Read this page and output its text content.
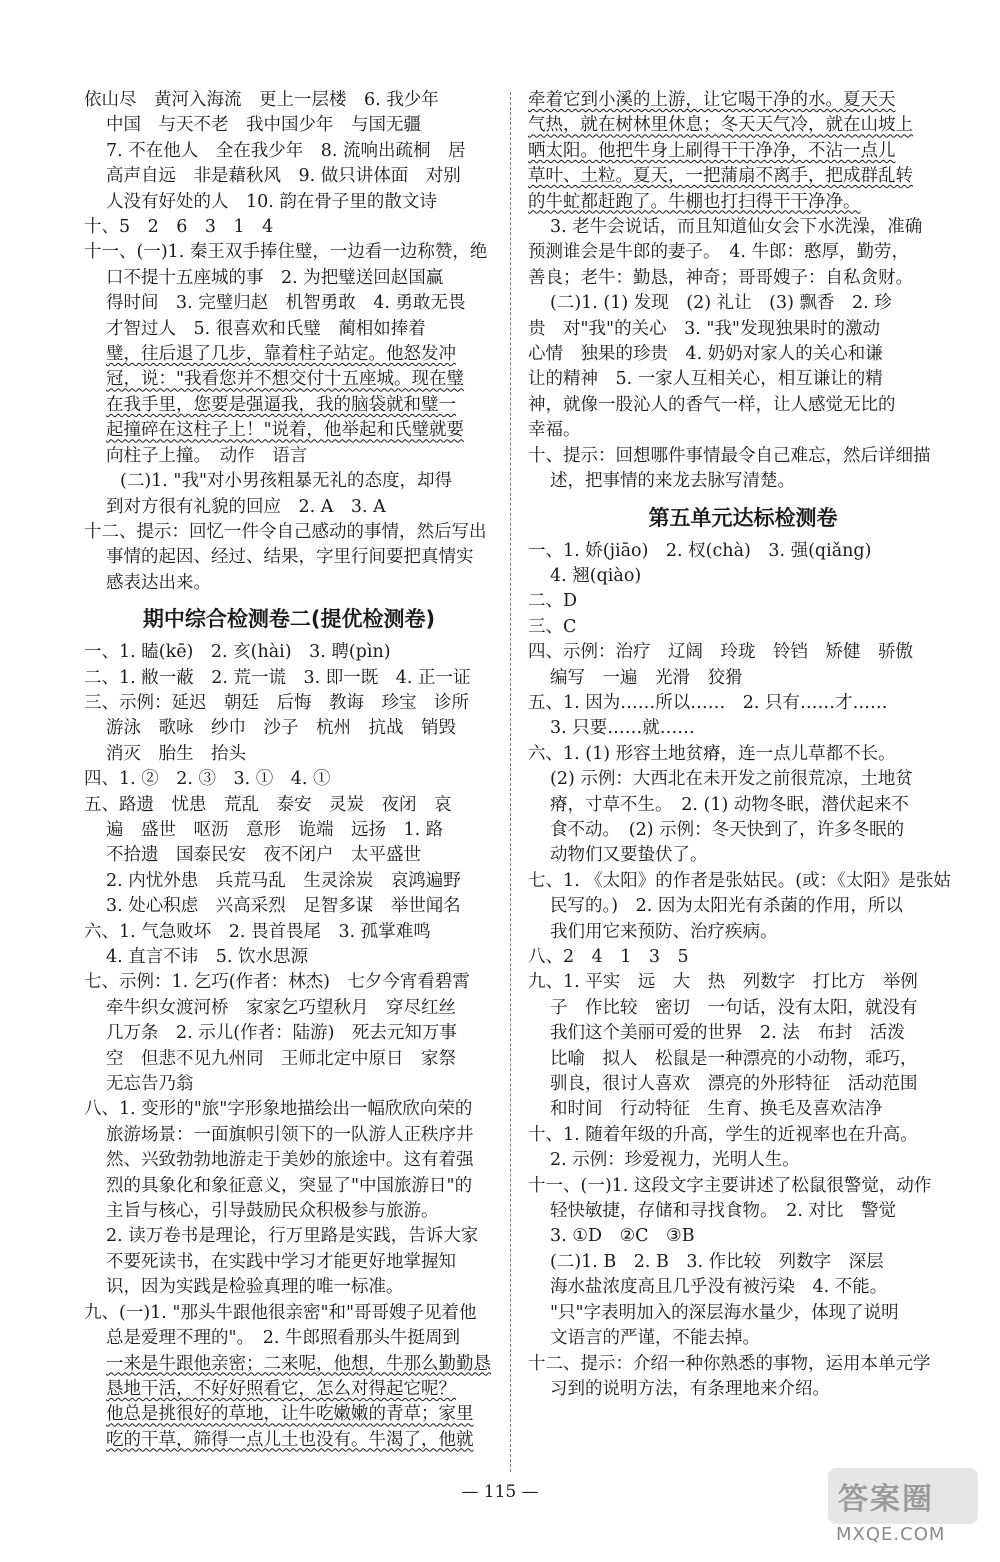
依山尽　黄河入海流　更上一层楼　6. 我少年
中国　与天不老　我中国少年　与国无疆
7. 不在他人　全在我少年　8. 流响出疏桐　居
高声自远　非是藉秋风　9. 做只讲体面　对别
人没有好处的人　10. 韵在骨子里的散文诗
十、5　2　6　3　1　4
十一、(一)1. 秦王双手捧住璧，一边看一边称赞，绝
口不提十五座城的事　2. 为把璧送回赵国赢
得时间　3. 完璧归赵　机智勇敢　4. 勇敢无畏
才智过人　5. 很喜欢和氏璧　蔺相如捧着
璧，往后退了几步，靠着柱子站定。他怒发冲
冠，说："我看您并不想交付十五座城。现在璧
在我手里，您要是强逼我，我的脑袋就和璧一
起撞碎在这柱子上！"说着，他举起和氏璧就要
向柱子上撞。　动作　语言
(二)1. "我"对小男孩粗暴无礼的态度，却得
到对方很有礼貌的回应　2. A　3. A
十二、提示：回忆一件令自己感动的事情，然后写出
事情的起因、经过、结果，字里行间要把真情实
感表达出来。
期中综合检测卷二(提优检测卷)
一、1. 瞌(kē)　2. 亥(hài)　3. 聘(pìn)
二、1. 敝一蔽　2. 荒一谎　3. 即一既　4. 正一证
三、示例：延迟　朝廷　后悔　教诲　珍宝　诊所
游泳　歌咏　纱巾　沙子　杭州　抗战　销毁
消灭　胎生　抬头
四、1. ②　2. ③　3. ①　4. ①
五、路遗　忧患　荒乱　泰安　灵炭　夜闭　哀
遍　盛世　呕沥　意形　诡端　远扬　1. 路
不拾遗　国泰民安　夜不闭户　太平盛世
2. 内忧外患　兵荒马乱　生灵涂炭　哀鸿遍野
3. 处心积虑　兴高采烈　足智多谋　举世闻名
六、1. 气急败坏　2. 畏首畏尾　3. 孤掌难鸣
4. 直言不讳　5. 饮水思源
七、示例：1. 乞巧(作者：林杰)　七夕今宵看碧霄
牵牛织女渡河桥　家家乞巧望秋月　穿尽红丝
几万条　2. 示儿(作者：陆游)　死去元知万事
空　但悲不见九州同　王师北定中原日　家祭
无忘告乃翁
八、1. 变形的"旅"字形象地描绘出一幅欣欣向荣的
旅游场景：一面旗帜引领下的一队游人正秩序井
然、兴致勃勃地游走于美妙的旅途中。这有着强
烈的具象化和象征意义，突显了"中国旅游日"的
主旨与核心，引导鼓励民众积极参与旅游。
2. 读万卷书是理论，行万里路是实践，告诉大家
不要死读书，在实践中学习才能更好地掌握知
识，因为实践是检验真理的唯一标准。
九、(一)1. "那头牛跟他很亲密"和"哥哥嫂子见着他
总是爱理不理的"。　2. 牛郎照看那头牛挺周到
一来是牛跟他亲密；二来呢，他想，牛那么勤勤恳
恳地干活，不好好照看它，怎么对得起它呢？
他总是挑很好的草地，让牛吃嫩嫩的青草；家里
吃的干草，筛得一点儿土也没有。牛渴了，他就
牵着它到小溪的上游，让它喝干净的水。夏天天
气热，就在树林里休息；冬天天气冷，就在山坡上
晒太阳。他把牛身上刷得干干净净，不沾一点儿
草叶、土粒。夏天，一把蒲扇不离手，把成群乱转
的牛虻都赶跑了。牛棚也打扫得干干净净。
3. 老牛会说话，而且知道仙女会下水洗澡，准确
预测谁会是牛郎的妻子。　4. 牛郎：憨厚，勤劳，
善良；老牛：勤恳，神奇；哥哥嫂子：自私贪财。
(二)1. (1) 发现　(2) 礼让　(3) 飘香　2. 珍
贵　对"我"的关心　3. "我"发现独果时的激动
心情　独果的珍贵　4. 奶奶对家人的关心和谦
让的精神　5. 一家人互相关心，相互谦让的精
神，就像一股沁人的香气一样，让人感觉无比的
幸福。
十、提示：回想哪件事情最令自己难忘，然后详细描
述，把事情的来龙去脉写清楚。
第五单元达标检测卷
一、1. 娇(jiāo)　2. 杈(chà)　3. 强(qiǎng)
4. 翘(qiào)
二、D
三、C
四、示例：治疗　辽阔　玲珑　铃铛　矫健　骄傲
编写　一遍　光滑　狡猾
五、1. 因为……所以……　2. 只有……才……
3. 只要……就……
六、1. (1) 形容土地贫瘠，连一点儿草都不长。
(2) 示例：大西北在未开发之前很荒凉，土地贫
瘠，寸草不生。　2. (1) 动物冬眠，潜伏起来不
食不动。　(2) 示例：冬天快到了，许多冬眠的
动物们又要蛰伏了。
七、1. 《太阳》的作者是张姑民。(或：《太阳》是张姑
民写的。)　2. 因为太阳光有杀菌的作用，所以
我们用它来预防、治疗疾病。
八、2　4　1　3　5
九、1. 平实　远　大　热　列数字　打比方　举例
子　作比较　密切　一句话，没有太阳，就没有
我们这个美丽可爱的世界　2. 法　布封　活泼
比喻　拟人　松鼠是一种漂亮的小动物，乖巧，
驯良，很讨人喜欢　漂亮的外形特征　活动范围
和时间　行动特征　生育、换毛及喜欢洁净
十、1. 随着年级的升高，学生的近视率也在升高。
2. 示例：珍爱视力，光明人生。
十一、(一)1. 这段文字主要讲述了松鼠很警觉，动作
轻快敏捷，存储和寻找食物。　2. 对比　警觉
3. ①D　②C　③B
(二)1. B　2. B　3. 作比较　列数字　深层
海水盐浓度高且几乎没有被污染　4. 不能。
"只"字表明加入的深层海水量少，体现了说明
文语言的严谨，不能去掉。
十二、提示：介绍一种你熟悉的事物，运用本单元学
习到的说明方法，有条理地来介绍。
— 115 —	答案圈
MXQE.COM
